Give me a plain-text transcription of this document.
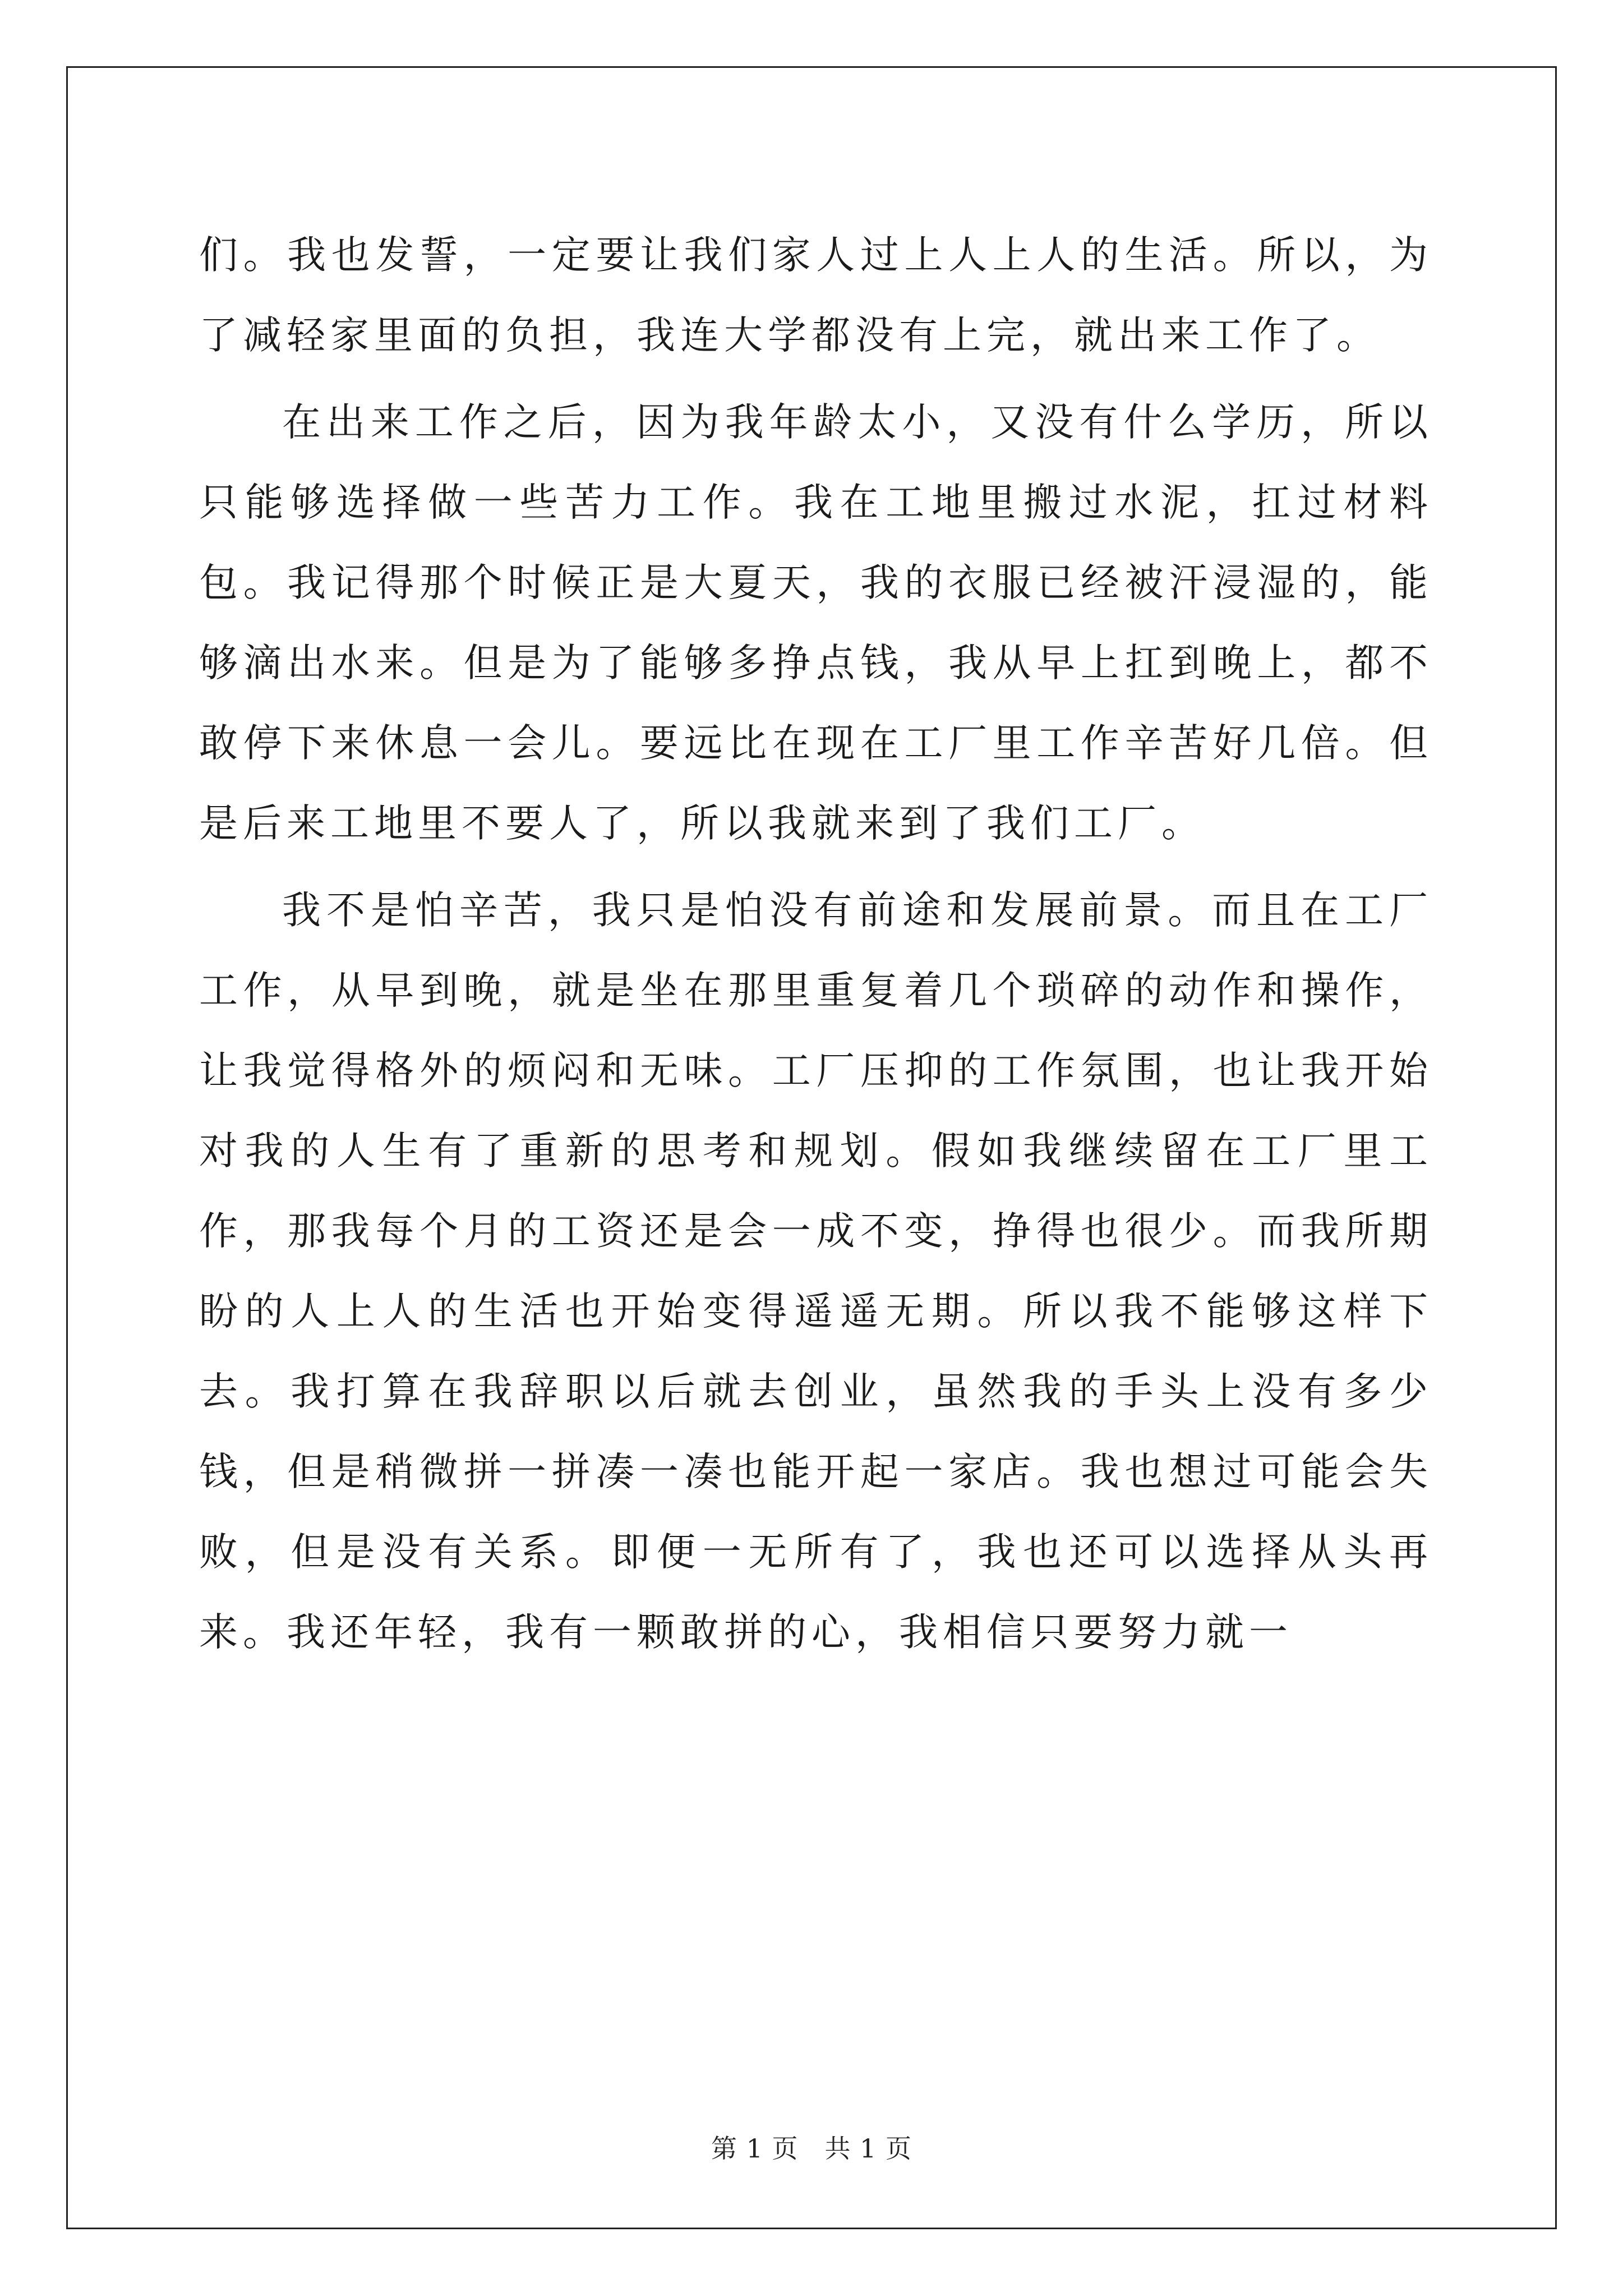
们。我也发誓，一定要让我们家人过上人上人的生活。所以，为了减轻家里面的负担，我连大学都没有上完，就出来工作了。

在出来工作之后，因为我年龄太小，又没有什么学历，所以只能够选择做一些苦力工作。我在工地里搬过水泥，扛过材料包。我记得那个时候正是大夏天，我的衣服已经被汗浸湿的，能够滴出水来。但是为了能够多挣点钱，我从早上扛到晚上，都不敢停下来休息一会儿。要远比在现在工厂里工作辛苦好几倍。但是后来工地里不要人了，所以我就来到了我们工厂。

我不是怕辛苦，我只是怕没有前途和发展前景。而且在工厂工作，从早到晚，就是坐在那里重复着几个琐碎的动作和操作，让我觉得格外的烦闷和无味。工厂压抑的工作氛围，也让我开始对我的人生有了重新的思考和规划。假如我继续留在工厂里工作，那我每个月的工资还是会一成不变，挣得也很少。而我所期盼的人上人的生活也开始变得遥遥无期。所以我不能够这样下去。我打算在我辞职以后就去创业，虽然我的手头上没有多少钱，但是稍微拼一拼凑一凑也能开起一家店。我也想过可能会失败，但是没有关系。即便一无所有了，我也还可以选择从头再来。我还年轻，我有一颗敢拼的心，我相信只要努力就一

第 1 页 共 1 页
